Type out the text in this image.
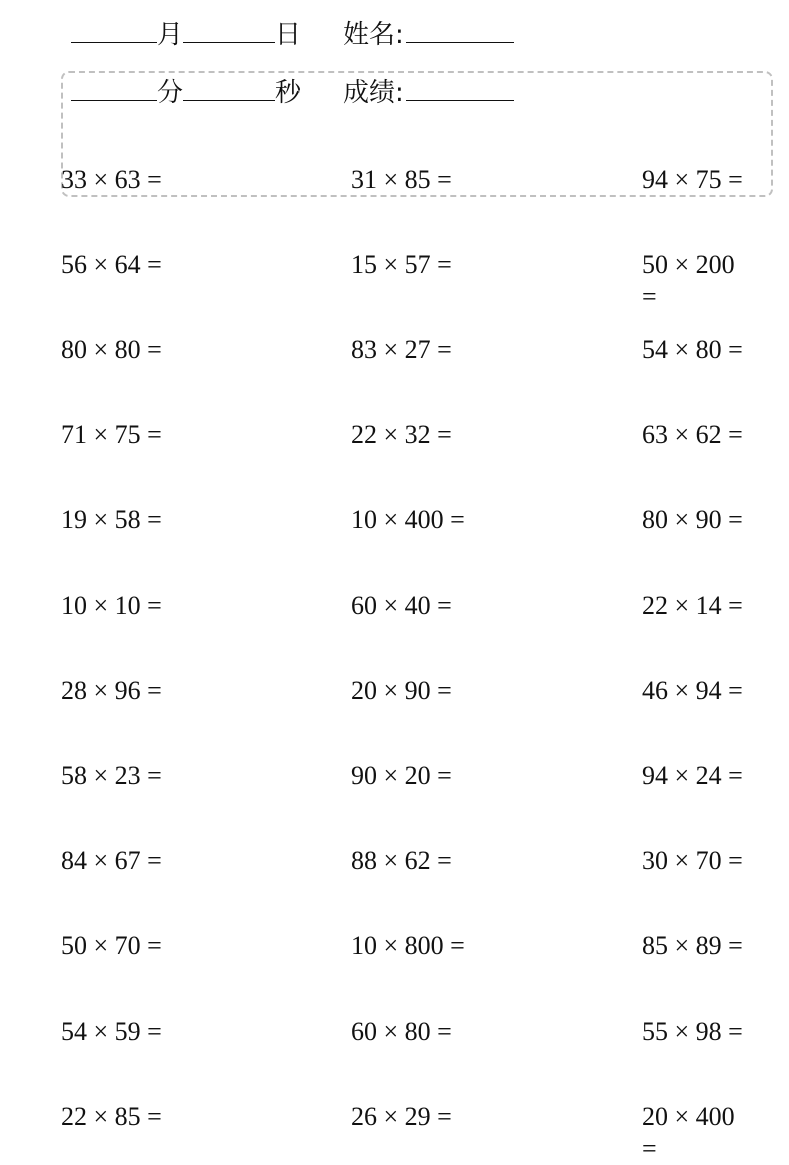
月	日 姓名:
分	秒 成绩:
33 × 63 =	31 × 85 =	94 × 75 =
56 × 64 =	15 × 57 =	50 × 200 =
80 × 80 =	83 × 27 =	54 × 80 =
71 × 75 =	22 × 32 =	63 × 62 =
19 × 58 =	10 × 400 =	80 × 90 =
10 × 10 =	60 × 40 =	22 × 14 =
28 × 96 =	20 × 90 =	46 × 94 =
58 × 23 =	90 × 20 =	94 × 24 =
84 × 67 =	88 × 62 =	30 × 70 =
50 × 70 =	10 × 800 =	85 × 89 =
54 × 59 =	60 × 80 =	55 × 98 =
22 × 85 =	26 × 29 =	20 × 400 =
